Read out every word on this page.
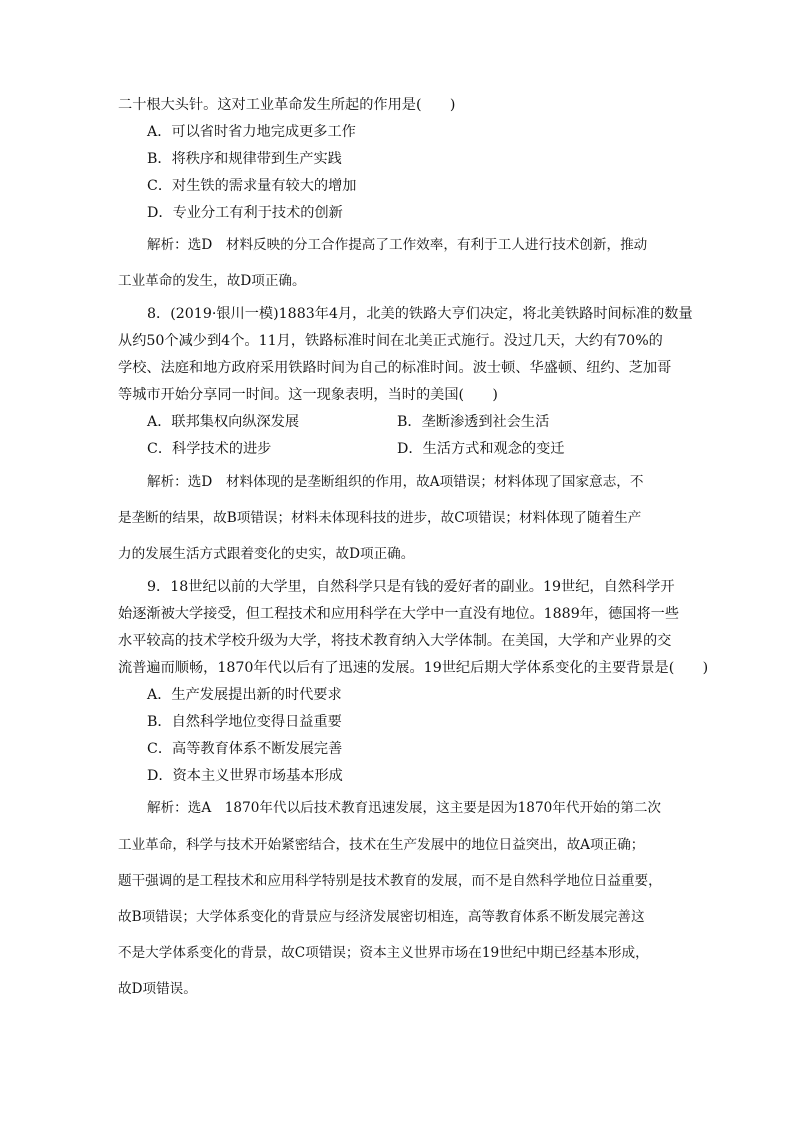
二十根大头针。这对工业革命发生所起的作用是(　　)
A．可以省时省力地完成更多工作
B．将秩序和规律带到生产实践
C．对生铁的需求量有较大的增加
D．专业分工有利于技术的创新
解析：选D　材料反映的分工合作提高了工作效率，有利于工人进行技术创新，推动
工业革命的发生，故D项正确。
8．(2019·银川一模)1883年4月，北美的铁路大亨们决定，将北美铁路时间标准的数量
从约50个减少到4个。11月，铁路标准时间在北美正式施行。没过几天，大约有70%的
学校、法庭和地方政府采用铁路时间为自己的标准时间。波士顿、华盛顿、纽约、芝加哥
等城市开始分享同一时间。这一现象表明，当时的美国(　　)
A．联邦集权向纵深发展	B．垄断渗透到社会生活
C．科学技术的进步	D．生活方式和观念的变迁
解析：选D　材料体现的是垄断组织的作用，故A项错误；材料体现了国家意志，不
是垄断的结果，故B项错误；材料未体现科技的进步，故C项错误；材料体现了随着生产
力的发展生活方式跟着变化的史实，故D项正确。
9．18世纪以前的大学里，自然科学只是有钱的爱好者的副业。19世纪，自然科学开
始逐渐被大学接受，但工程技术和应用科学在大学中一直没有地位。1889年，德国将一些
水平较高的技术学校升级为大学，将技术教育纳入大学体制。在美国，大学和产业界的交
流普遍而顺畅，1870年代以后有了迅速的发展。19世纪后期大学体系变化的主要背景是(　　)
A．生产发展提出新的时代要求
B．自然科学地位变得日益重要
C．高等教育体系不断发展完善
D．资本主义世界市场基本形成
解析：选A　1870年代以后技术教育迅速发展，这主要是因为1870年代开始的第二次
工业革命，科学与技术开始紧密结合，技术在生产发展中的地位日益突出，故A项正确；
题干强调的是工程技术和应用科学特别是技术教育的发展，而不是自然科学地位日益重要，
故B项错误；大学体系变化的背景应与经济发展密切相连，高等教育体系不断发展完善这
不是大学体系变化的背景，故C项错误；资本主义世界市场在19世纪中期已经基本形成，
故D项错误。
